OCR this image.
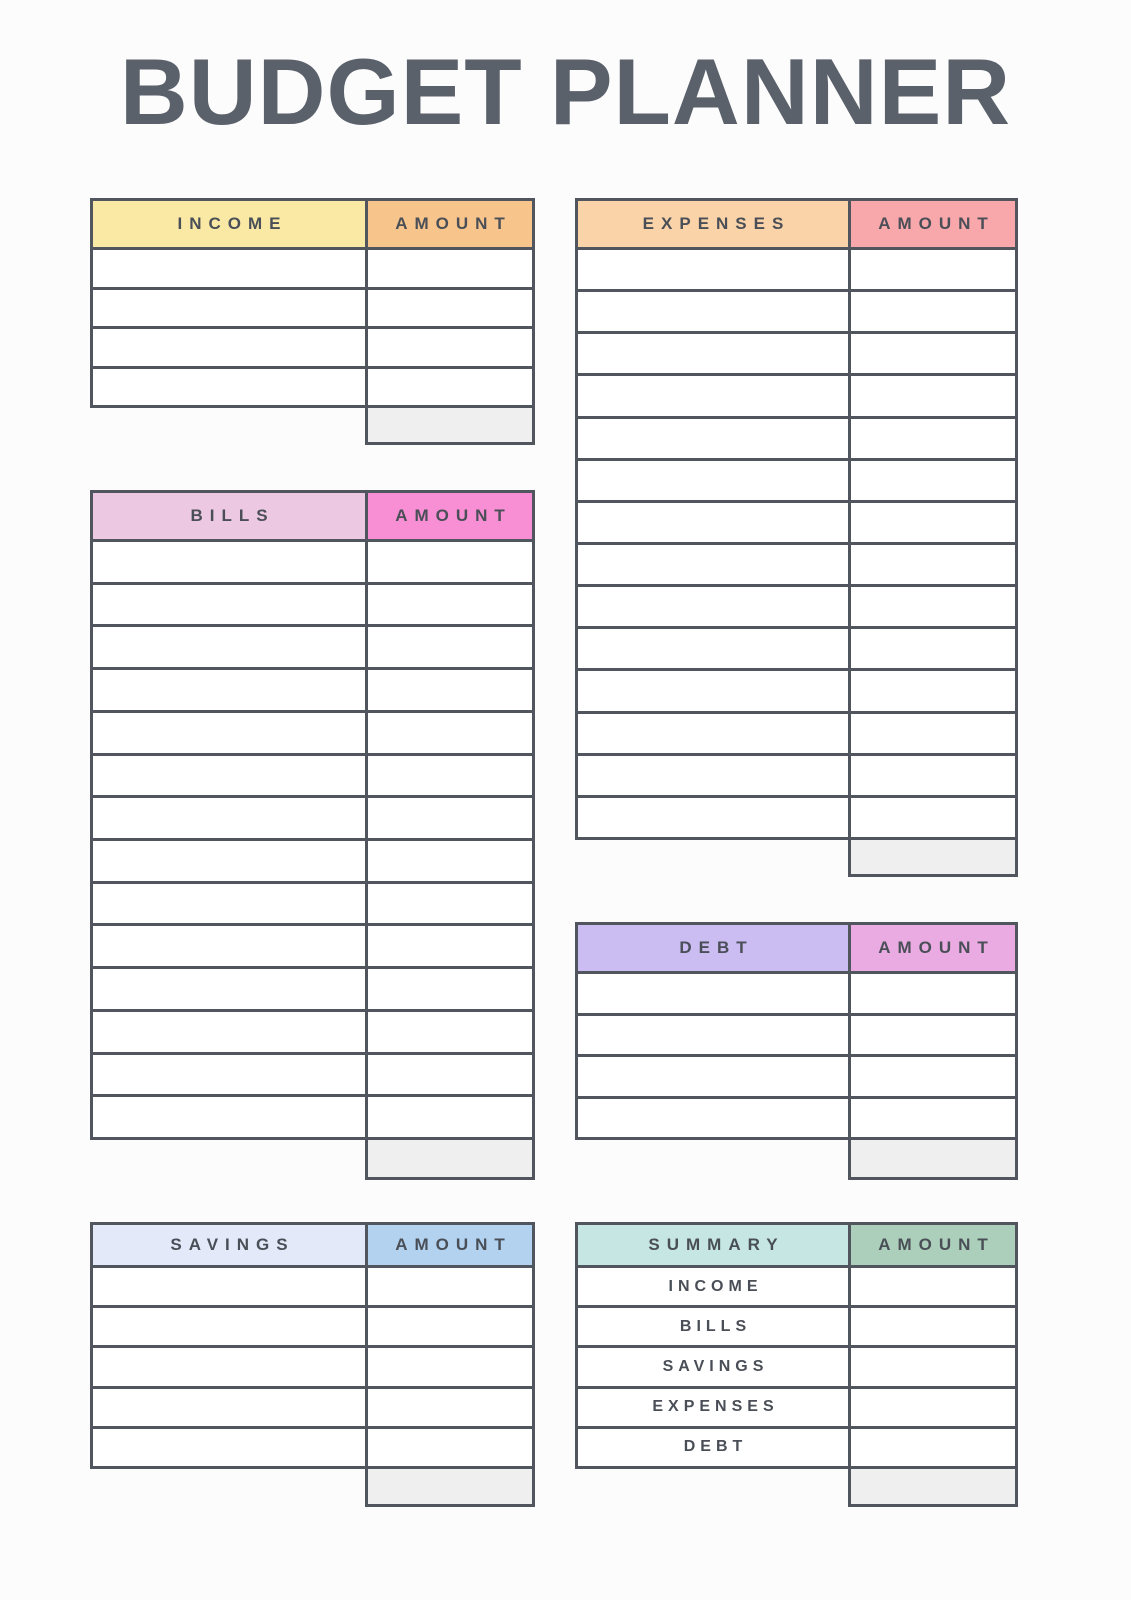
BUDGET PLANNER
INCOME	AMOUNT
BILLS	AMOUNT
SAVINGS	AMOUNT
EXPENSES	AMOUNT
DEBT	AMOUNT
SUMMARY	AMOUNT
INCOME
BILLS
SAVINGS
EXPENSES
DEBT
